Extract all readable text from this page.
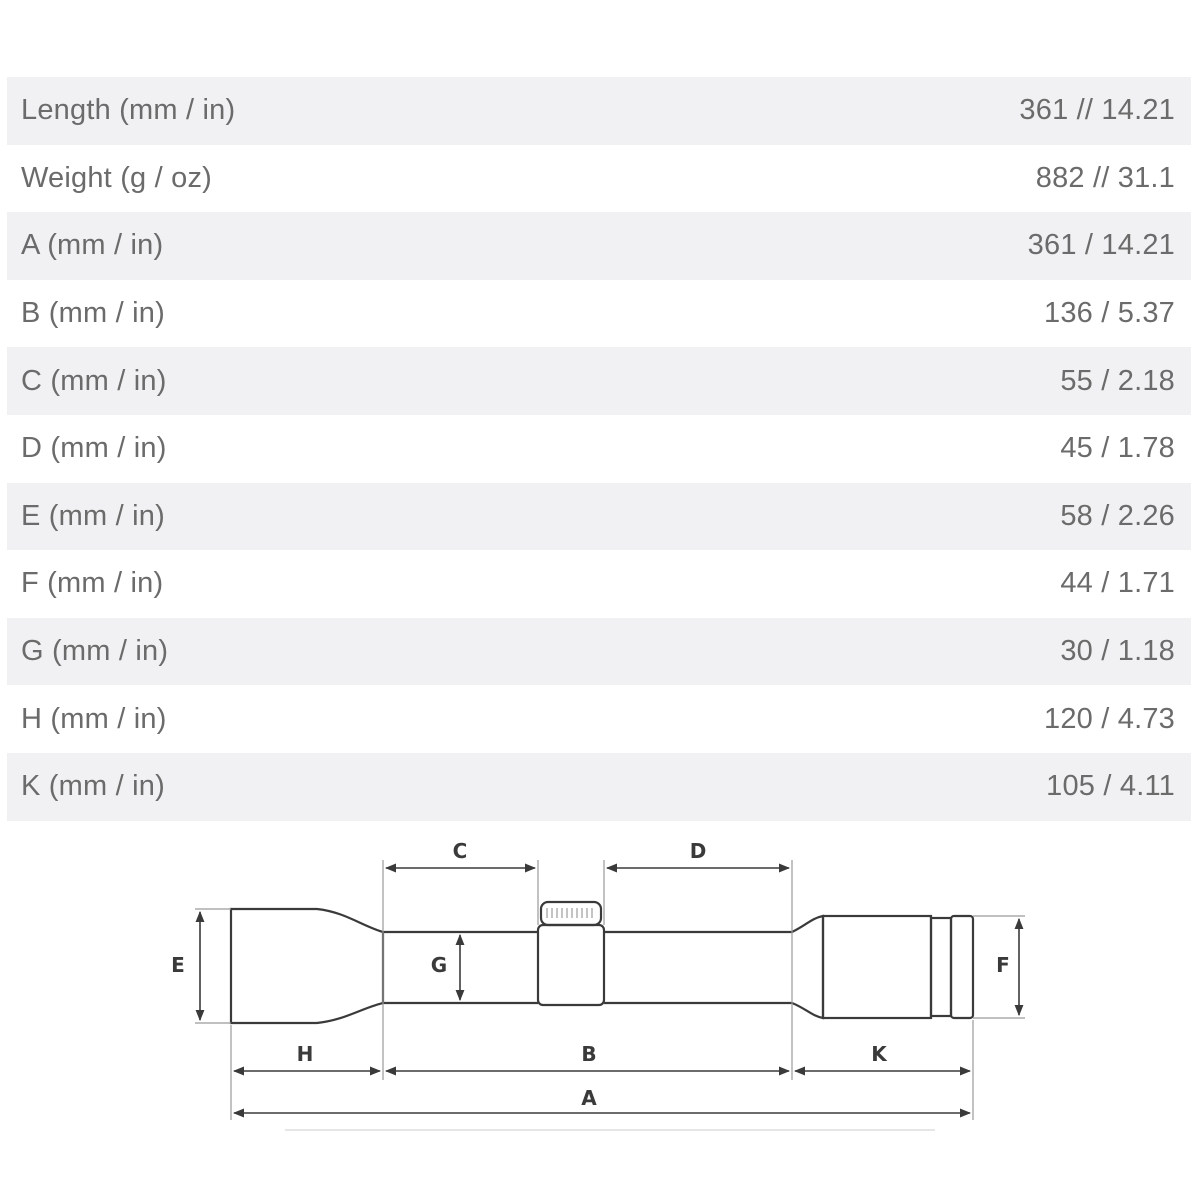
Length (mm / in)	361 // 14.21
Weight (g / oz)	882 // 31.1
A (mm / in)	361 / 14.21
B (mm / in)	136 / 5.37
C (mm / in)	55 / 2.18
D (mm / in)	45 / 1.78
E (mm / in)	58 / 2.26
F (mm / in)	44 / 1.71
G (mm / in)	30 / 1.18
H (mm / in)	120 / 4.73
K (mm / in)	105 / 4.11
C	D
E	F
G
H	B	K
A
